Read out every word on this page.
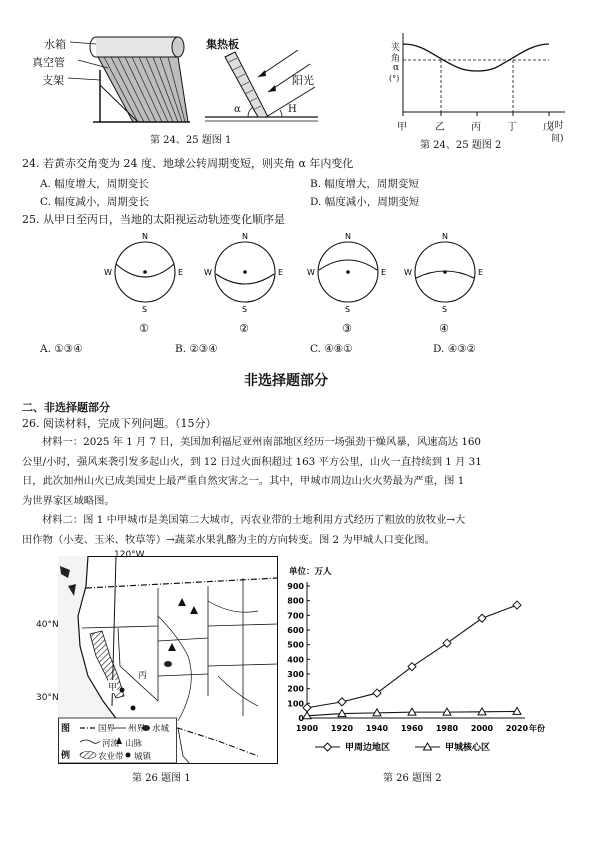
水箱
真空管
支架
集热板
阳光
α	H
第 24、25 题图 1
夹
角
α
(°)
甲	乙	丙	丁	戊
(时间)
第 24、25 题图 2
24. 若黄赤交角变为 24 度、地球公转周期变短，则夹角 α 年内变化
A. 幅度增大，周期变长	B. 幅度增大，周期变短
C. 幅度减小，周期变长	D. 幅度减小，周期变短
25. 从甲日至丙日，当地的太阳视运动轨迹变化顺序是
N
S
W	E
①
N
S
W	E
②
N
S
W	E
③
N
S
W	E
④
A. ①③④	B. ②③④	C. ④⑧①	D. ④③②
非选择题部分
二、非选择题部分
26. 阅读材料，完成下列问题。（15分）
材料一：2025 年 1 月 7 日，美国加利福尼亚州南部地区经历一场强劲干燥风暴，风速高达 160
公里/小时，强风来袭引发多起山火，到 12 日过火面积超过 163 平方公里，山火一直持续到 1 月 31
日，此次加州山火已成美国史上最严重自然灾害之一。其中，甲城市周边山火火势最为严重，图 1
为世界家区域略图。
材料二：图 1 中甲城市是美国第二大城市，丙农业带的土地利用方式经历了粗放的放牧业→大
田作物（小麦、玉米、牧草等）→蔬菜水果乳酪为主的方向转变。图 2 为甲城人口变化图。
120°W
40°N
30°N
甲
丙
图
例
国界 州界 水城
河流 山脉
农业带 城镇
第 26 题图 1
单位：万人
0
100
200
300
400
500
600
700
800
900
1900 1920 1940 1960 1980 2000 2020 年份
甲周边地区	甲城核心区
第 26 题图 2
